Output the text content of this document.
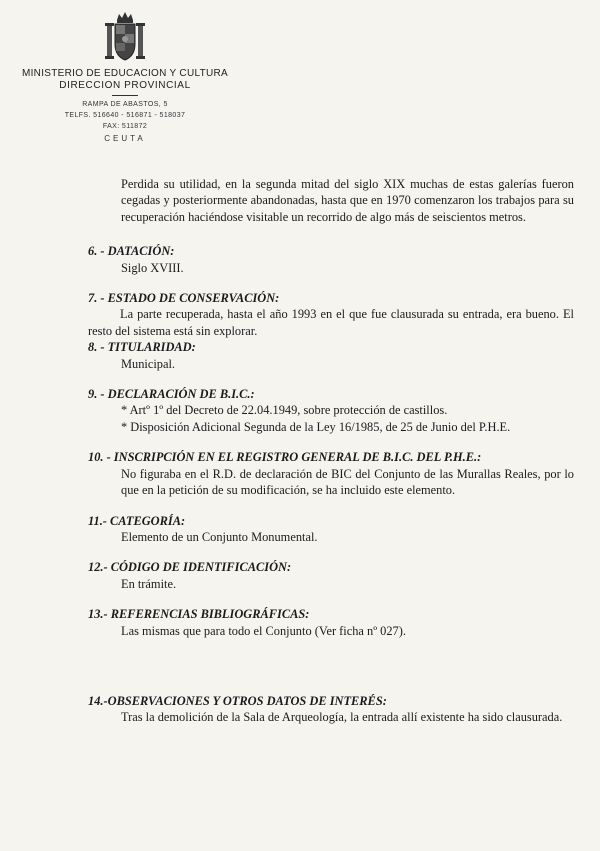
MINISTERIO DE EDUCACION Y CULTURA
DIRECCION PROVINCIAL
RAMPA DE ABASTOS, 5
TELFS. 516640 - 516871 - 518037
FAX: 511872
CEUTA

Perdida su utilidad, en la segunda mitad del siglo XIX muchas de estas galerías fueron cegadas y posteriormente abandonadas, hasta que en 1970 comenzaron los trabajos para su recuperación haciéndose visitable un recorrido de algo más de seiscientos metros.

6. - DATACIÓN:
Siglo XVIII.
7. - ESTADO DE CONSERVACIÓN:
La parte recuperada, hasta el año 1993 en el que fue clausurada su entrada, era bueno. El resto del sistema está sin explorar.
8. - TITULARIDAD:
Municipal.
9. - DECLARACIÓN DE B.I.C.:
* Artº 1º del Decreto de 22.04.1949, sobre protección de castillos.
* Disposición Adicional Segunda de la Ley 16/1985, de 25 de Junio del P.H.E.
10. - INSCRIPCIÓN EN EL REGISTRO GENERAL DE B.I.C. DEL P.H.E.:
No figuraba en el R.D. de declaración de BIC del Conjunto de las Murallas Reales, por lo que en la petición de su modificación, se ha incluido este elemento.
11.- CATEGORÍA:
Elemento de un Conjunto Monumental.
12.- CÓDIGO DE IDENTIFICACIÓN:
En trámite.
13.- REFERENCIAS BIBLIOGRÁFICAS:
Las mismas que para todo el Conjunto (Ver ficha nº 027).
14.-OBSERVACIONES Y OTROS DATOS DE INTERÉS:
Tras la demolición de la Sala de Arqueología, la entrada allí existente ha sido clausurada.
